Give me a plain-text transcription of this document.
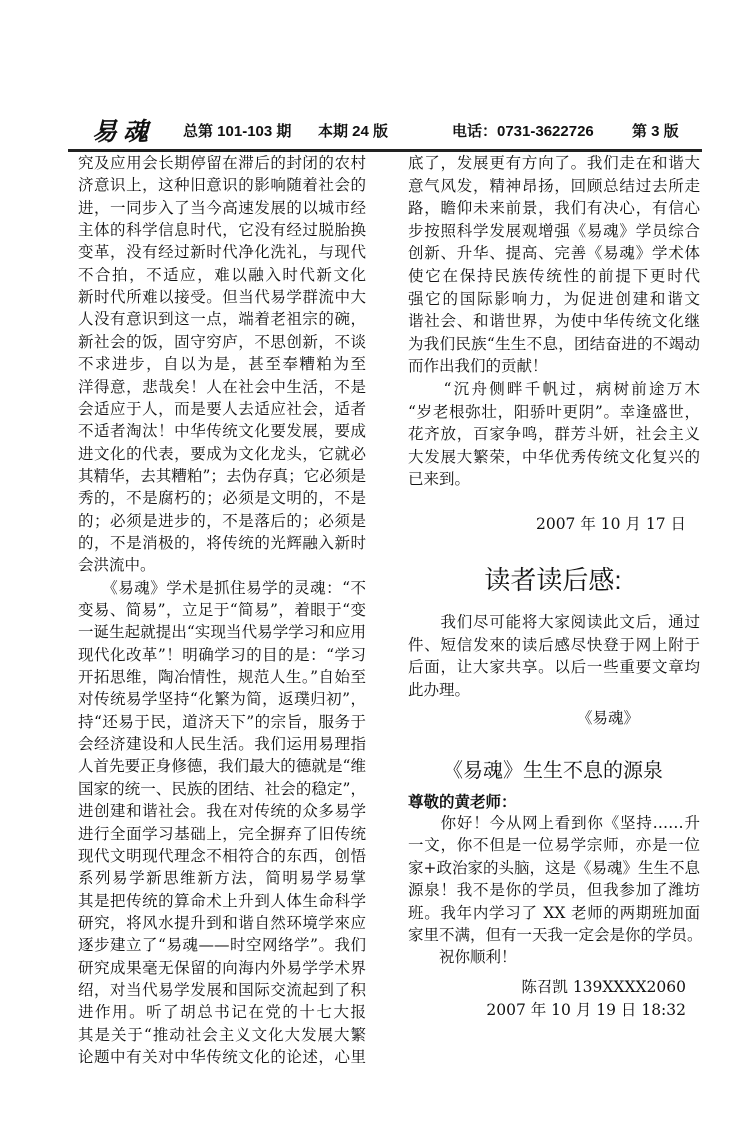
易魂 总第 101-103 期 本期 24 版	电话：0731-3622726	第 3 版
究及应用会长期停留在滞后的封闭的农村
济意识上，这种旧意识的影响随着社会的
进，一同步入了当今高速发展的以城市经
主体的科学信息时代，它没有经过脱胎换
变革，没有经过新时代净化洗礼，与现代
不合拍，不适应，难以融入时代新文化
新时代所难以接受。但当代易学群流中大
人没有意识到这一点，端着老祖宗的碗，
新社会的饭，固守穷庐，不思创新，不谈
不求进步，自以为是，甚至奉糟粕为至
洋得意，悲哉矣！人在社会中生活，不是
会适应于人，而是要人去适应社会，适者
不适者淘汰！中华传统文化要发展，要成
进文化的代表，要成为文化龙头，它就必
其精华，去其糟粕”；去伪存真；它必须是
秀的，不是腐朽的；必须是文明的，不是
的；必须是进步的，不是落后的；必须是
的，不是消极的，将传统的光辉融入新时
会洪流中。
　　《易魂》学术是抓住易学的灵魂：“不
变易、简易”，立足于“简易”，着眼于“变
一诞生起就提出“实现当代易学学习和应用
现代化改革”！明确学习的目的是：“学习
开拓思维，陶冶情性，规范人生。”自始至
对传统易学坚持“化繁为简，返璞归初”，
持“还易于民，道济天下”的宗旨，服务于
会经济建设和人民生活。我们运用易理指
人首先要正身修德，我们最大的德就是“维
国家的统一、民族的团结、社会的稳定”，
进创建和谐社会。我在对传统的众多易学
进行全面学习基础上，完全摒弃了旧传统
现代文明现代理念不相符合的东西，创悟
系列易学新思维新方法，简明易学易掌
其是把传统的算命术上升到人体生命科学
研究，将风水提升到和谐自然环境学來应
逐步建立了“易魂——时空网络学”。我们
研究成果毫无保留的向海内外易学学术界
绍，对当代易学发展和国际交流起到了积
进作用。听了胡总书记在党的十七大报
其是关于“推动社会主义文化大发展大繁
论题中有关对中华传统文化的论述，心里
底了，发展更有方向了。我们走在和谐大
意气风发，精神昂扬，回顾总结过去所走
路，瞻仰未来前景，我们有决心，有信心
步按照科学发展观增强《易魂》学员综合
创新、升华、提高、完善《易魂》学术体
使它在保持民族传统性的前提下更时代
强它的国际影响力，为促进创建和谐文
谐社会、和谐世界，为使中华传统文化继
为我们民族“生生不息，团结奋进的不竭动
而作出我们的贡献！
　　“沉舟侧畔千帆过，病树前途万木
“岁老根弥壮，阳骄叶更阴”。幸逢盛世，
花齐放，百家争鸣，群芳斗妍，社会主义
大发展大繁荣，中华优秀传统文化复兴的
已来到。
2007 年 10 月 17 日
读者读后感:
　　我们尽可能将大家阅读此文后，通过
件、短信发來的读后感尽快登于网上附于
后面，让大家共享。以后一些重要文章均
此办理。
《易魂》
《易魂》生生不息的源泉
尊敬的黄老师：
　　你好！今从网上看到你《坚持……升
一文，你不但是一位易学宗师，亦是一位
家+政治家的头脑，这是《易魂》生生不息
源泉！我不是你的学员，但我参加了潍坊
班。我年内学习了 XX 老师的两期班加面
家里不满，但有一天我一定会是你的学员。
　　祝你顺利！
陈召凯 139XXXX2060
2007 年 10 月 19 日 18:32
